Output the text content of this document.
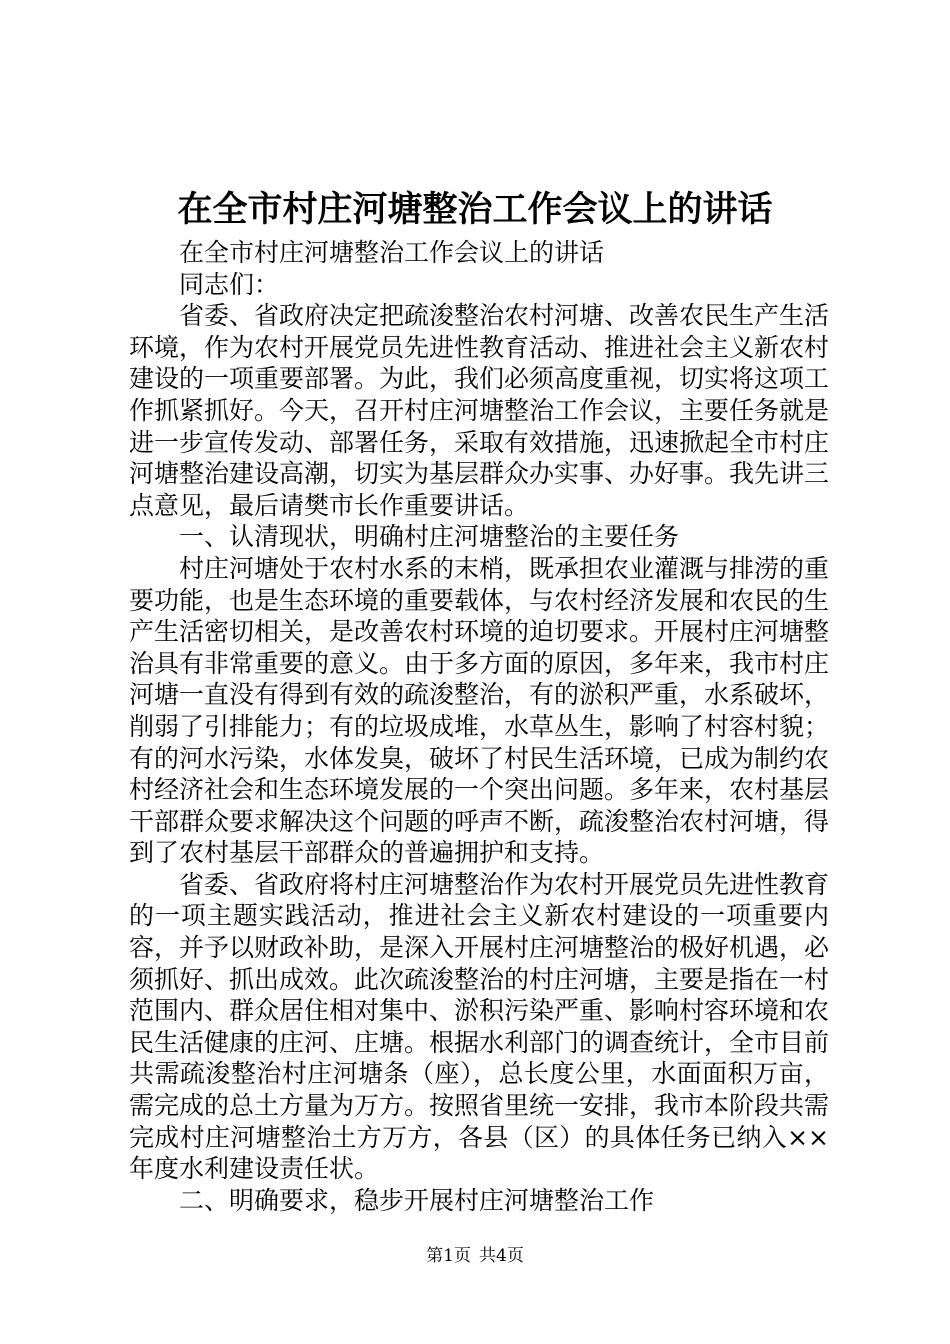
在全市村庄河塘整治工作会议上的讲话

在全市村庄河塘整治工作会议上的讲话

同志们：

省委、省政府决定把疏浚整治农村河塘、改善农民生产生活环境，作为农村开展党员先进性教育活动、推进社会主义新农村建设的一项重要部署。为此，我们必须高度重视，切实将这项工作抓紧抓好。今天，召开村庄河塘整治工作会议，主要任务就是进一步宣传发动、部署任务，采取有效措施，迅速掀起全市村庄河塘整治建设高潮，切实为基层群众办实事、办好事。我先讲三点意见，最后请樊市长作重要讲话。

一、认清现状，明确村庄河塘整治的主要任务

村庄河塘处于农村水系的末梢，既承担农业灌溉与排涝的重要功能，也是生态环境的重要载体，与农村经济发展和农民的生产生活密切相关，是改善农村环境的迫切要求。开展村庄河塘整治具有非常重要的意义。由于多方面的原因，多年来，我市村庄河塘一直没有得到有效的疏浚整治，有的淤积严重，水系破坏，削弱了引排能力；有的垃圾成堆，水草丛生，影响了村容村貌；有的河水污染，水体发臭，破坏了村民生活环境，已成为制约农村经济社会和生态环境发展的一个突出问题。多年来，农村基层干部群众要求解决这个问题的呼声不断，疏浚整治农村河塘，得到了农村基层干部群众的普遍拥护和支持。

省委、省政府将村庄河塘整治作为农村开展党员先进性教育的一项主题实践活动，推进社会主义新农村建设的一项重要内容，并予以财政补助，是深入开展村庄河塘整治的极好机遇，必须抓好、抓出成效。此次疏浚整治的村庄河塘，主要是指在一村范围内、群众居住相对集中、淤积污染严重、影响村容环境和农民生活健康的庄河、庄塘。根据水利部门的调查统计，全市目前共需疏浚整治村庄河塘条（座），总长度公里，水面面积万亩，需完成的总土方量为万方。按照省里统一安排，我市本阶段共需完成村庄河塘整治土方万方，各县（区）的具体任务已纳入××年度水利建设责任状。

二、明确要求，稳步开展村庄河塘整治工作

第1页 共4页
